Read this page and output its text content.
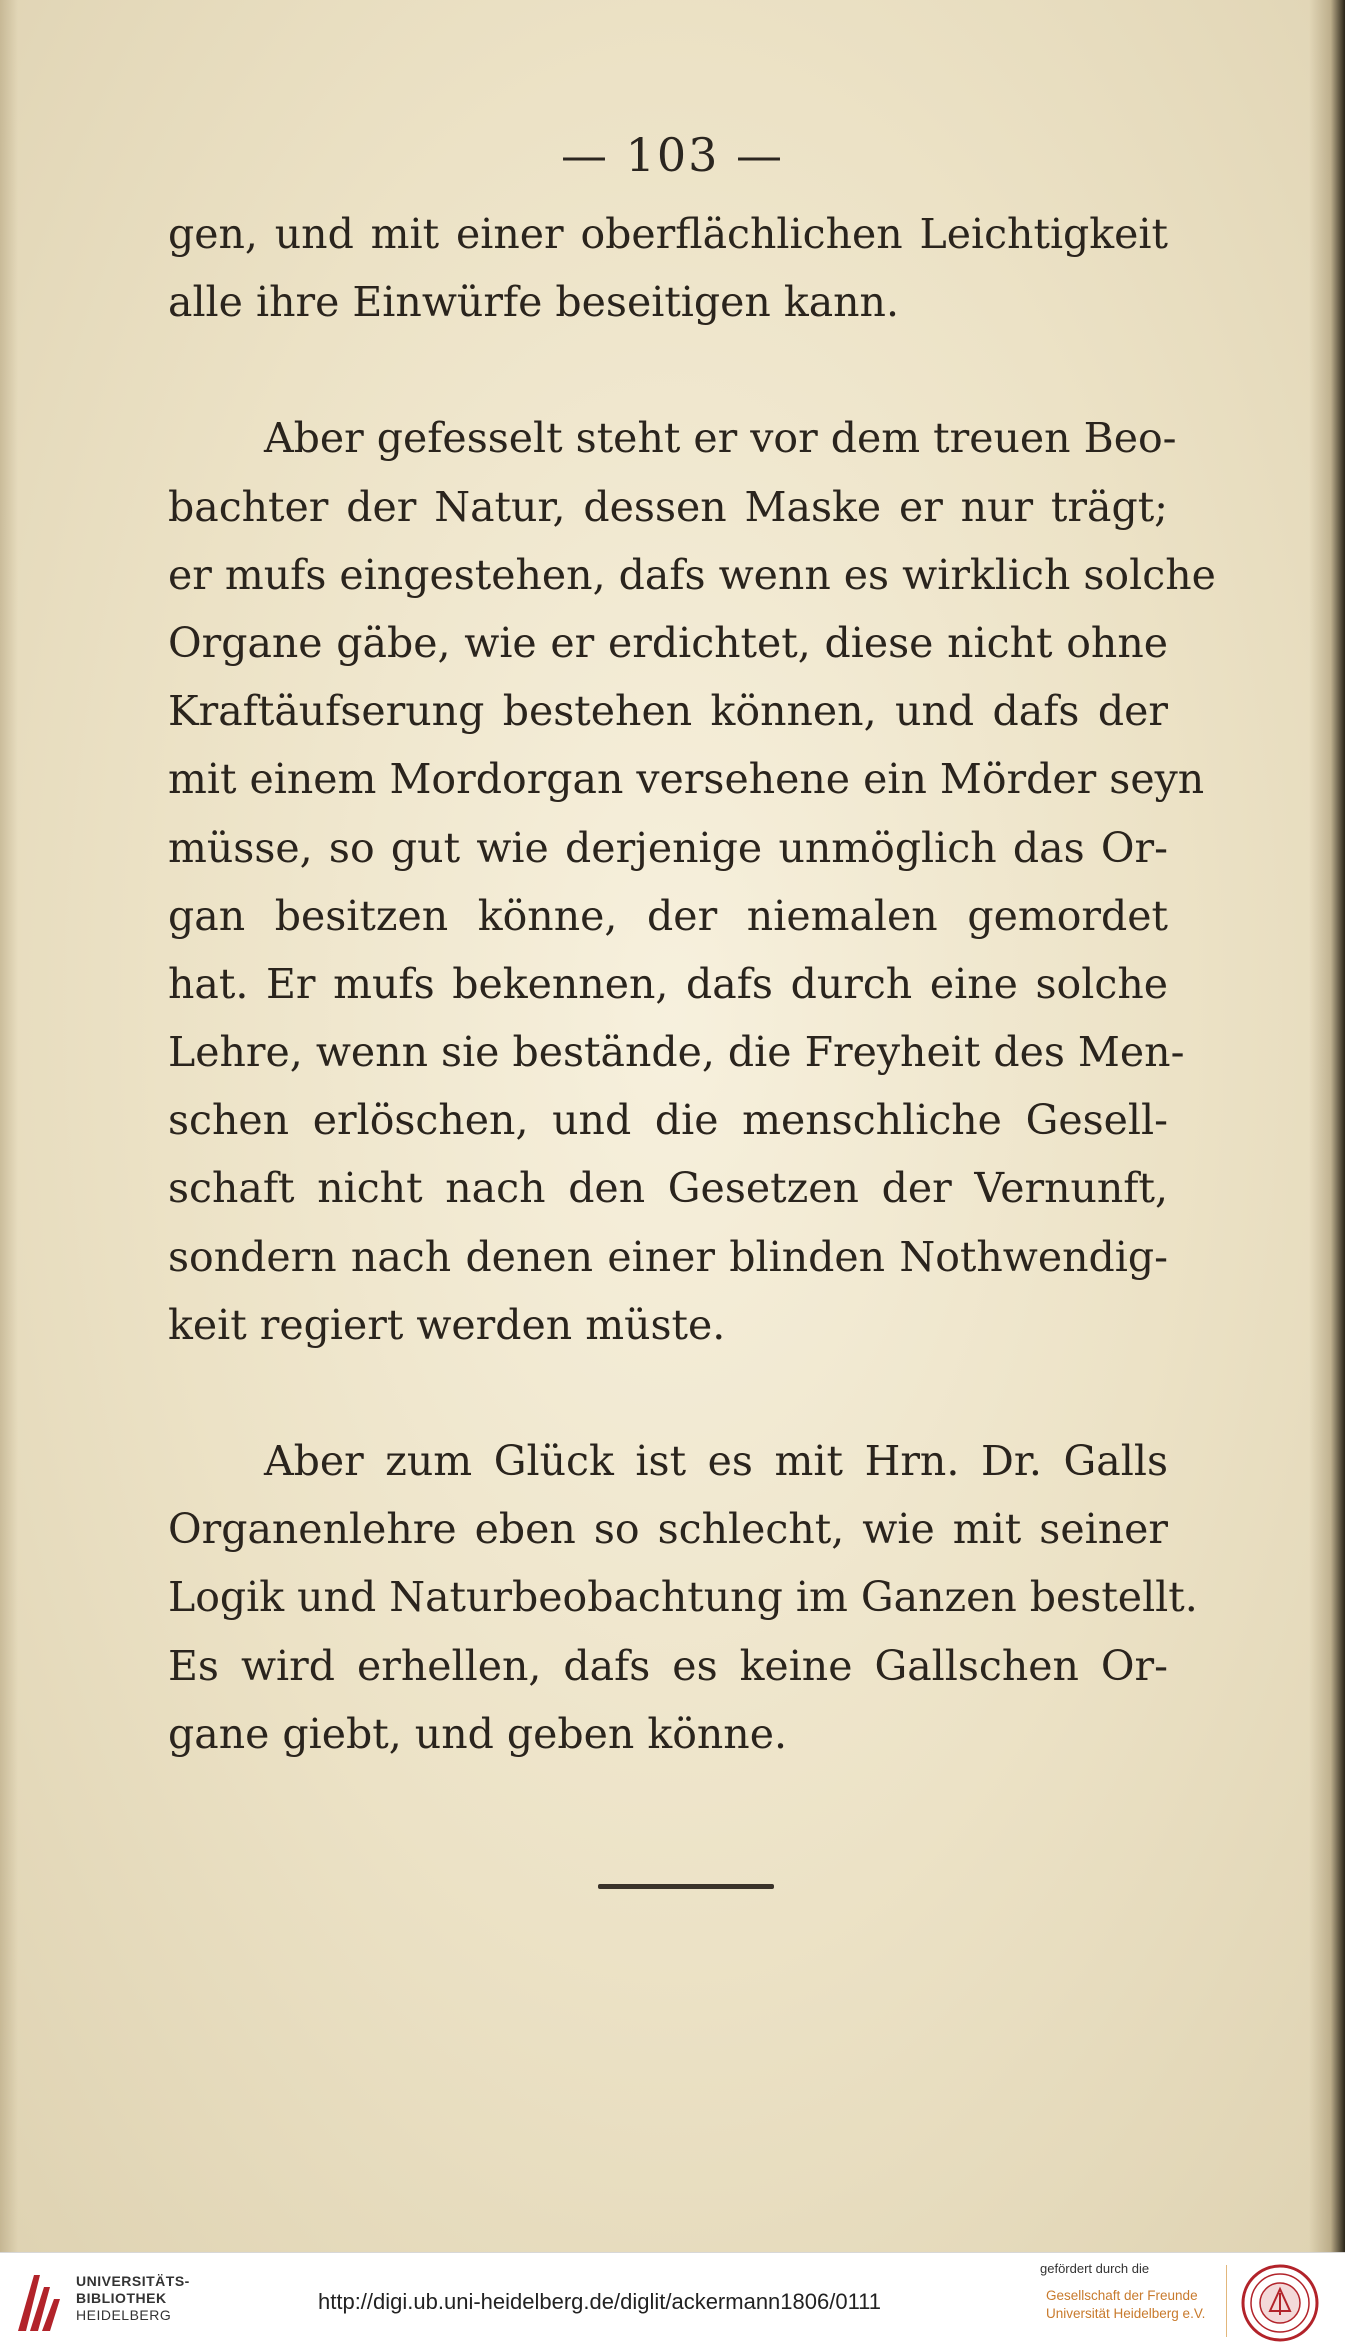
— 103 —
gen, und mit einer oberflächlichen Leichtigkeit
alle ihre Einwürfe beseitigen kann.
Aber gefesselt steht er vor dem treuen Beo-
bachter der Natur, dessen Maske er nur trägt;
er mufs eingestehen, dafs wenn es wirklich solche
Organe gäbe, wie er erdichtet, diese nicht ohne
Kraftäufserung bestehen können, und dafs der
mit einem Mordorgan versehene ein Mörder seyn
müsse, so gut wie derjenige unmöglich das Or-
gan besitzen könne, der niemalen gemordet
hat. Er mufs bekennen, dafs durch eine solche
Lehre, wenn sie bestände, die Freyheit des Men-
schen erlöschen, und die menschliche Gesell-
schaft nicht nach den Gesetzen der Vernunft,
sondern nach denen einer blinden Nothwendig-
keit regiert werden müste.
Aber zum Glück ist es mit Hrn. Dr. Galls
Organenlehre eben so schlecht, wie mit seiner
Logik und Naturbeobachtung im Ganzen bestellt.
Es wird erhellen, dafs es keine Gallschen Or-
gane giebt, und geben könne.
UNIVERSITÄTS-
BIBLIOTHEK
HEIDELBERG
http://digi.ub.uni-heidelberg.de/diglit/ackermann1806/0111
gefördert durch die
Gesellschaft der Freunde
Universität Heidelberg e.V.
